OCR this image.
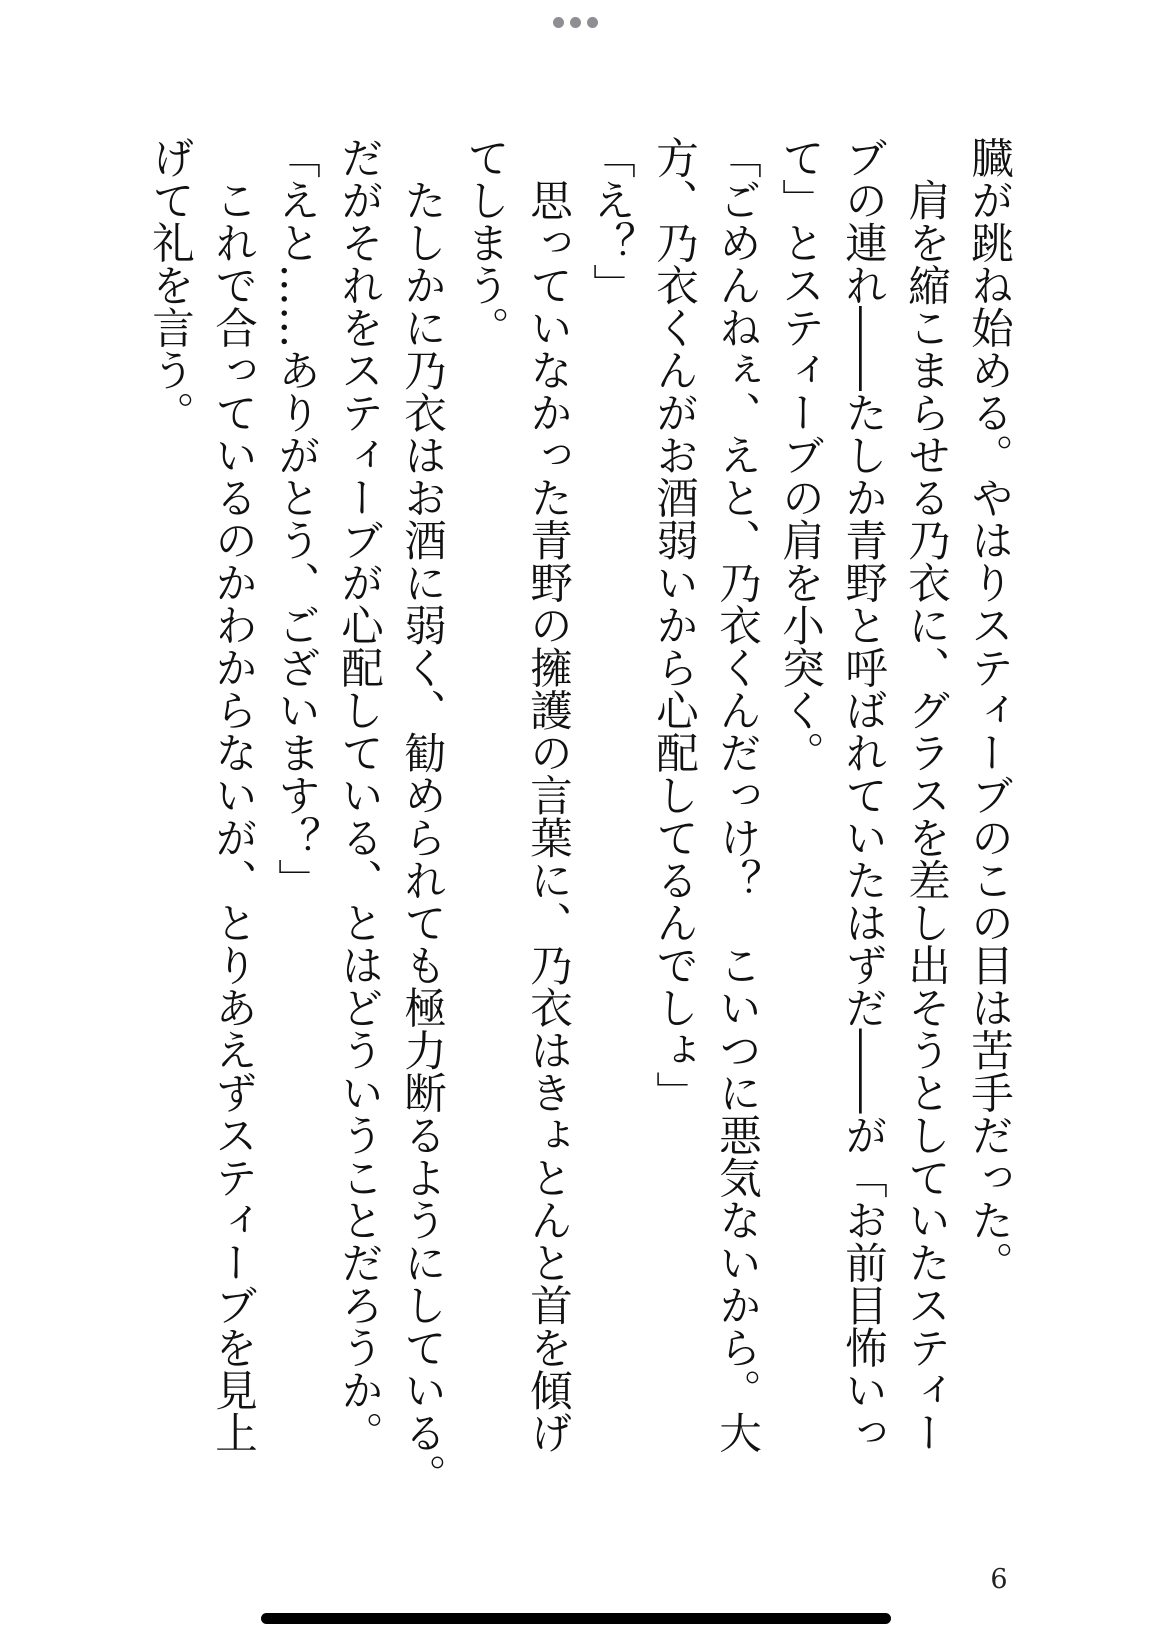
臓が跳ね始める。やはりスティーブのこの目は苦手だった。
　肩を縮こまらせる乃衣に、グラスを差し出そうとしていたスティー
ブの連れ――たしか青野と呼ばれていたはずだ――が「お前目怖いっ
て」とスティーブの肩を小突く。
「ごめんねぇ、えと、乃衣くんだっけ？　こいつに悪気ないから。大
方、乃衣くんがお酒弱いから心配してるんでしょ」
「え？」
　思っていなかった青野の擁護の言葉に、乃衣はきょとんと首を傾げ
てしまう。
　たしかに乃衣はお酒に弱く、勧められても極力断るようにしている。
だがそれをスティーブが心配している、とはどういうことだろうか。
「えと……ありがとう、ございます？」
　これで合っているのかわからないが、とりあえずスティーブを見上
げて礼を言う。
6
